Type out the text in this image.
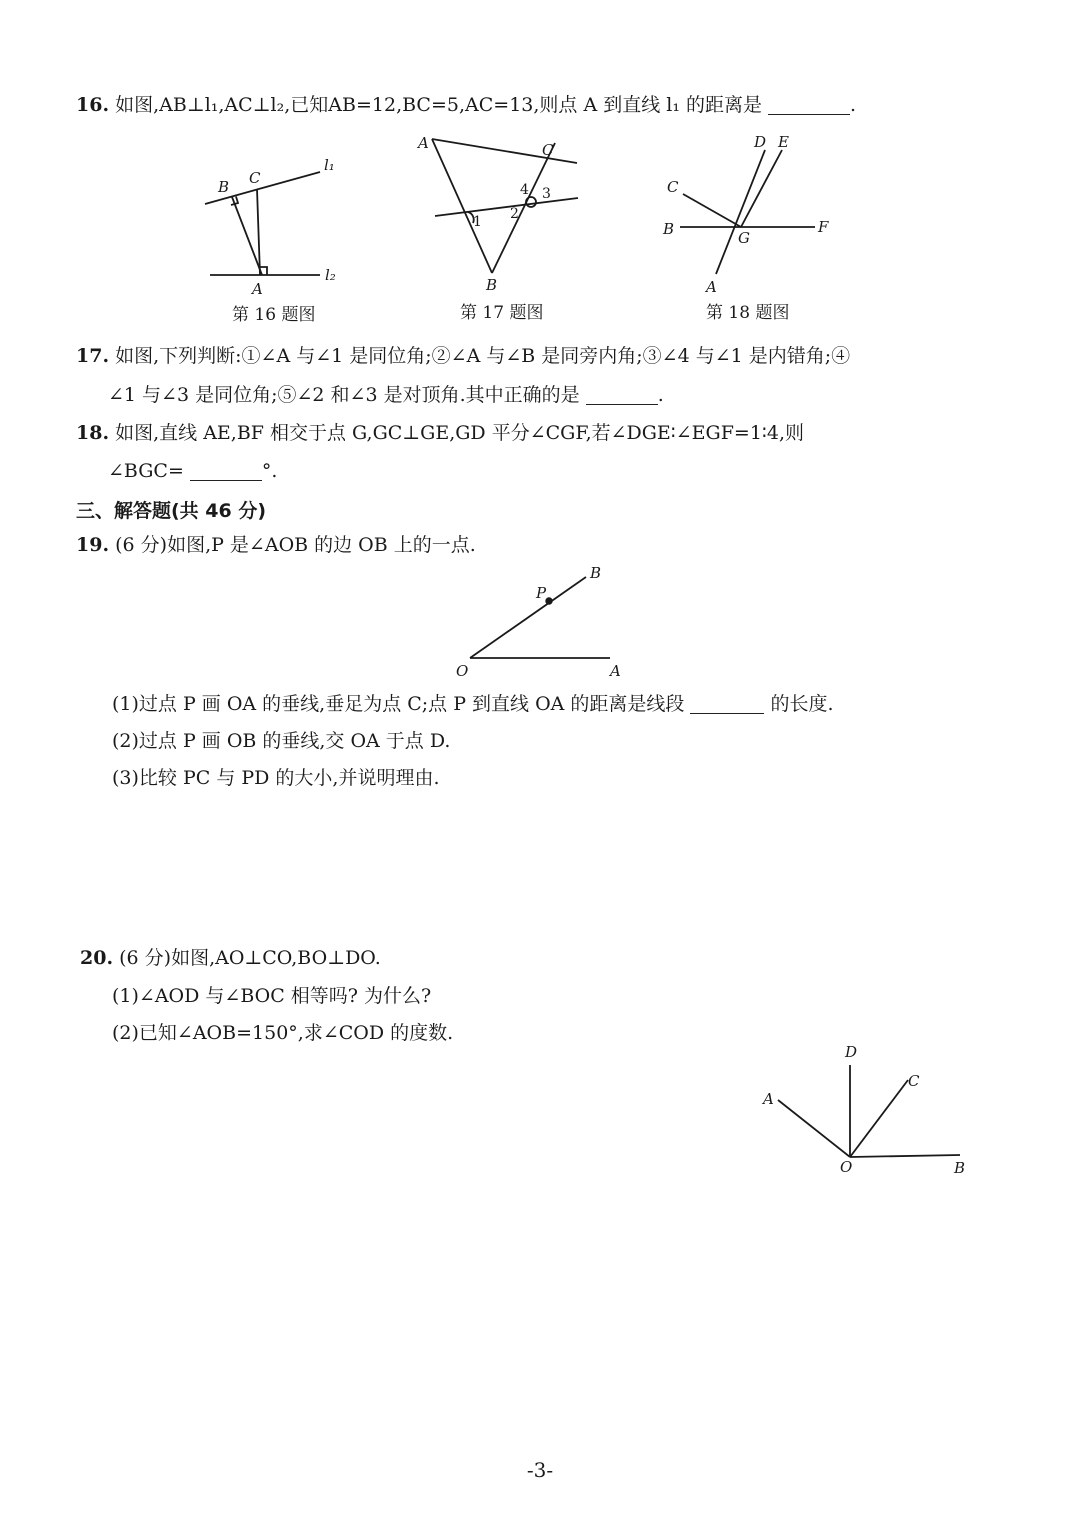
16. 如图,AB⊥l₁,AC⊥l₂,已知AB=12,BC=5,AC=13,则点 A 到直线 l₁ 的距离是	.
B C
A
l₁
l₂
第 16 题图
A	C
B
1 2
3
4
第 17 题图
D E
C
B	G
F
A
第 18 题图
O	A
B
P
D
C
A
O	B
17. 如图,下列判断:①∠A 与∠1 是同位角;②∠A 与∠B 是同旁内角;③∠4 与∠1 是内错角;④
∠1 与∠3 是同位角;⑤∠2 和∠3 是对顶角.其中正确的是	.
18. 如图,直线 AE,BF 相交于点 G,GC⊥GE,GD 平分∠CGF,若∠DGE∶∠EGF=1∶4,则
∠BGC=	°.
三、解答题(共 46 分)
19. (6 分)如图,P 是∠AOB 的边 OB 上的一点.
(1)过点 P 画 OA 的垂线,垂足为点 C;点 P 到直线 OA 的距离是线段	的长度.
(2)过点 P 画 OB 的垂线,交 OA 于点 D.
(3)比较 PC 与 PD 的大小,并说明理由.
20. (6 分)如图,AO⊥CO,BO⊥DO.
(1)∠AOD 与∠BOC 相等吗? 为什么?
(2)已知∠AOB=150°,求∠COD 的度数.
-3-
